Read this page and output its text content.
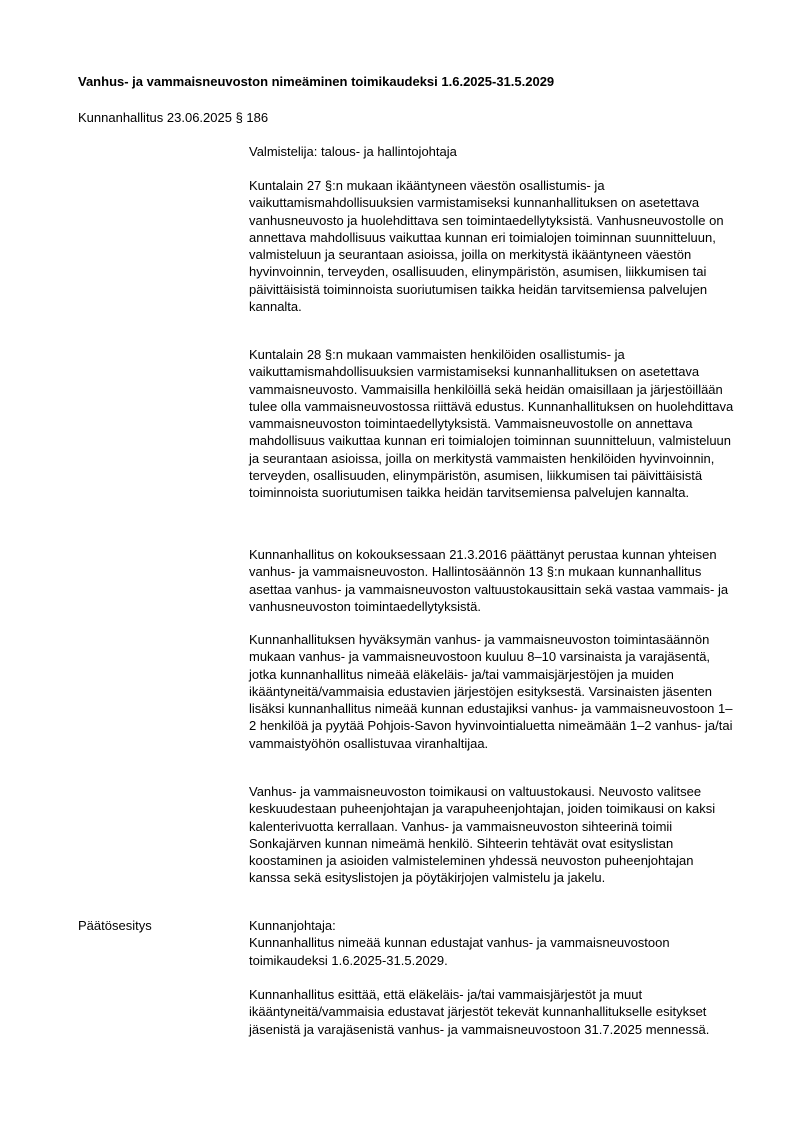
Vanhus- ja vammaisneuvoston nimeäminen toimikaudeksi 1.6.2025-31.5.2029
Kunnanhallitus 23.06.2025 § 186

Valmistelija: talous- ja hallintojohtaja

Kuntalain 27 §:n mukaan ikääntyneen väestön osallistumis- ja vaikuttamismahdollisuuksien varmistamiseksi kunnanhallituksen on asetettava vanhusneuvosto ja huolehdittava sen toimintaedellytyksistä. Vanhusneuvostolle on annettava mahdollisuus vaikuttaa kunnan eri toimialojen toiminnan suunnitteluun, valmisteluun ja seurantaan asioissa, joilla on merkitystä ikääntyneen väestön hyvinvoinnin, terveyden, osallisuuden, elinympäristön, asumisen, liikkumisen tai päivittäisistä toiminnoista suoriutumisen taikka heidän tarvitsemiensa palvelujen kannalta.

Kuntalain 28 §:n mukaan vammaisten henkilöiden osallistumis- ja vaikuttamismahdollisuuksien varmistamiseksi kunnanhallituksen on asetettava vammaisneuvosto. Vammaisilla henkilöillä sekä heidän omaisillaan ja järjestöillään tulee olla vammaisneuvostossa riittävä edustus. Kunnanhallituksen on huolehdittava vammaisneuvoston toimintaedellytyksistä. Vammaisneuvostolle on annettava mahdollisuus vaikuttaa kunnan eri toimialojen toiminnan suunnitteluun, valmisteluun ja seurantaan asioissa, joilla on merkitystä vammaisten henkilöiden hyvinvoinnin, terveyden, osallisuuden, elinympäristön, asumisen, liikkumisen tai päivittäisistä toiminnoista suoriutumisen taikka heidän tarvitsemiensa palvelujen kannalta.

Kunnanhallitus on kokouksessaan 21.3.2016 päättänyt perustaa kunnan yhteisen vanhus- ja vammaisneuvoston. Hallintosäännön 13 §:n mukaan kunnanhallitus asettaa vanhus- ja vammaisneuvoston valtuustokausittain sekä vastaa vammais- ja vanhusneuvoston toimintaedellytyksistä.

Kunnanhallituksen hyväksymän vanhus- ja vammaisneuvoston toimintasäännön mukaan vanhus- ja vammaisneuvostoon kuuluu 8–10 varsinaista ja varajäsentä, jotka kunnanhallitus nimeää eläkeläis- ja/tai vammaisjärjestöjen ja muiden ikääntyneitä/vammaisia edustavien järjestöjen esityksestä. Varsinaisten jäsenten lisäksi kunnanhallitus nimeää kunnan edustajiksi vanhus- ja vammaisneuvostoon 1–2 henkilöä ja pyytää Pohjois-Savon hyvinvointialuetta nimeämään 1–2 vanhus- ja/tai vammaistyöhön osallistuvaa viranhaltijaa.

Vanhus- ja vammaisneuvoston toimikausi on valtuustokausi. Neuvosto valitsee keskuudestaan puheenjohtajan ja varapuheenjohtajan, joiden toimikausi on kaksi kalenterivuotta kerrallaan. Vanhus- ja vammaisneuvoston sihteerinä toimii Sonkajärven kunnan nimeämä henkilö. Sihteerin tehtävät ovat esityslistan koostaminen ja asioiden valmisteleminen yhdessä neuvoston puheenjohtajan kanssa sekä esityslistojen ja pöytäkirjojen valmistelu ja jakelu.

Päätösesitys	Kunnanjohtaja:

Kunnanhallitus nimeää kunnan edustajat vanhus- ja vammaisneuvostoon toimikaudeksi 1.6.2025-31.5.2029.

Kunnanhallitus esittää, että eläkeläis- ja/tai vammaisjärjestöt ja muut ikääntyneitä/vammaisia edustavat järjestöt tekevät kunnanhallitukselle esitykset jäsenistä ja varajäsenistä vanhus- ja vammaisneuvostoon 31.7.2025 mennessä.
